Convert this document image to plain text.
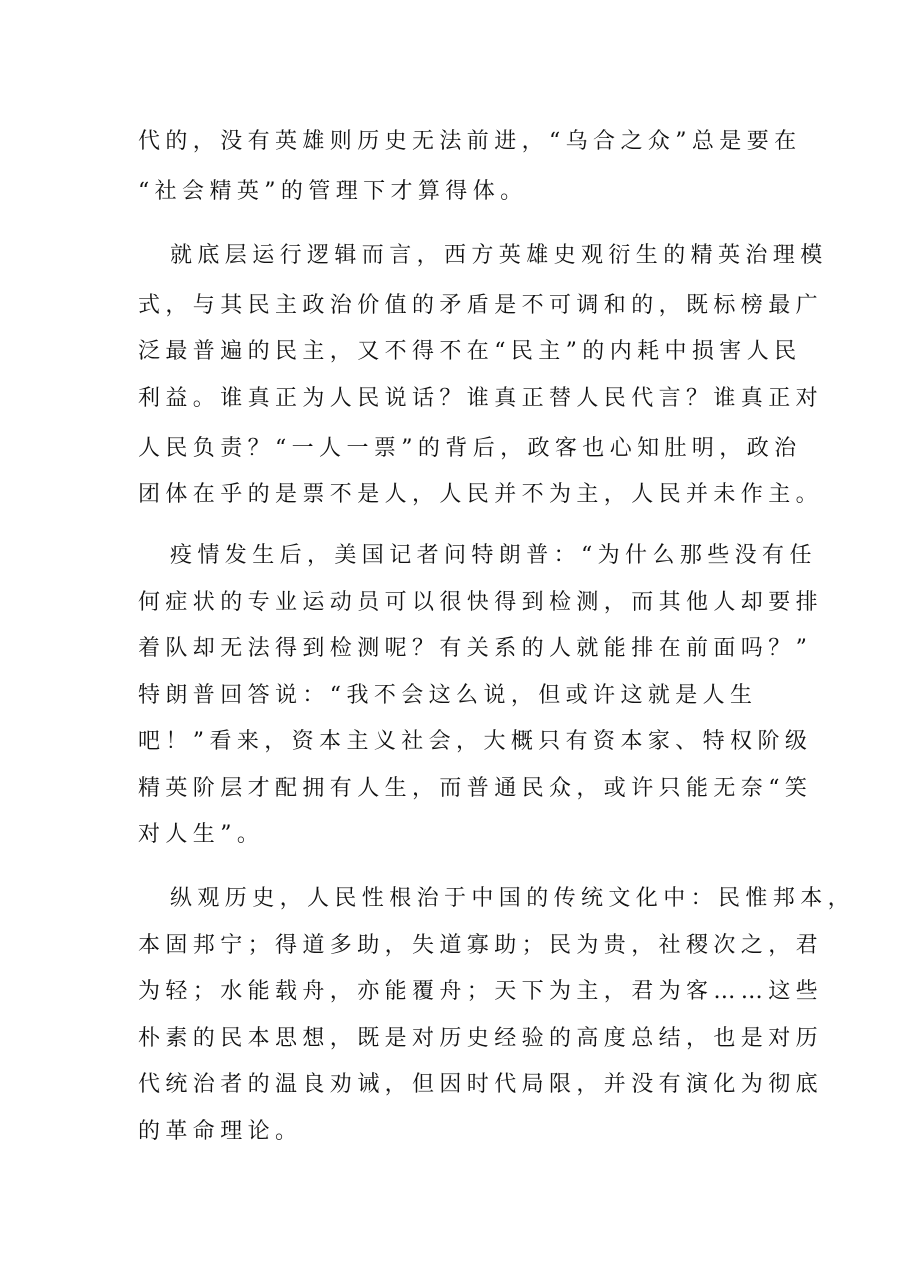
代的，没有英雄则历史无法前进，“乌合之众”总是要在
“社会精英”的管理下才算得体。
就底层运行逻辑而言，西方英雄史观衍生的精英治理模
式，与其民主政治价值的矛盾是不可调和的，既标榜最广
泛最普遍的民主，又不得不在“民主”的内耗中损害人民
利益。谁真正为人民说话？谁真正替人民代言？谁真正对
人民负责？“一人一票”的背后，政客也心知肚明，政治
团体在乎的是票不是人，人民并不为主，人民并未作主。
疫情发生后，美国记者问特朗普：“为什么那些没有任
何症状的专业运动员可以很快得到检测，而其他人却要排
着队却无法得到检测呢？有关系的人就能排在前面吗？”
特朗普回答说：“我不会这么说，但或许这就是人生
吧！”看来，资本主义社会，大概只有资本家、特权阶级
精英阶层才配拥有人生，而普通民众，或许只能无奈“笑
对人生”。
纵观历史，人民性根治于中国的传统文化中：民惟邦本，
本固邦宁；得道多助，失道寡助；民为贵，社稷次之，君
为轻；水能载舟，亦能覆舟；天下为主，君为客……这些
朴素的民本思想，既是对历史经验的高度总结，也是对历
代统治者的温良劝诫，但因时代局限，并没有演化为彻底
的革命理论。
